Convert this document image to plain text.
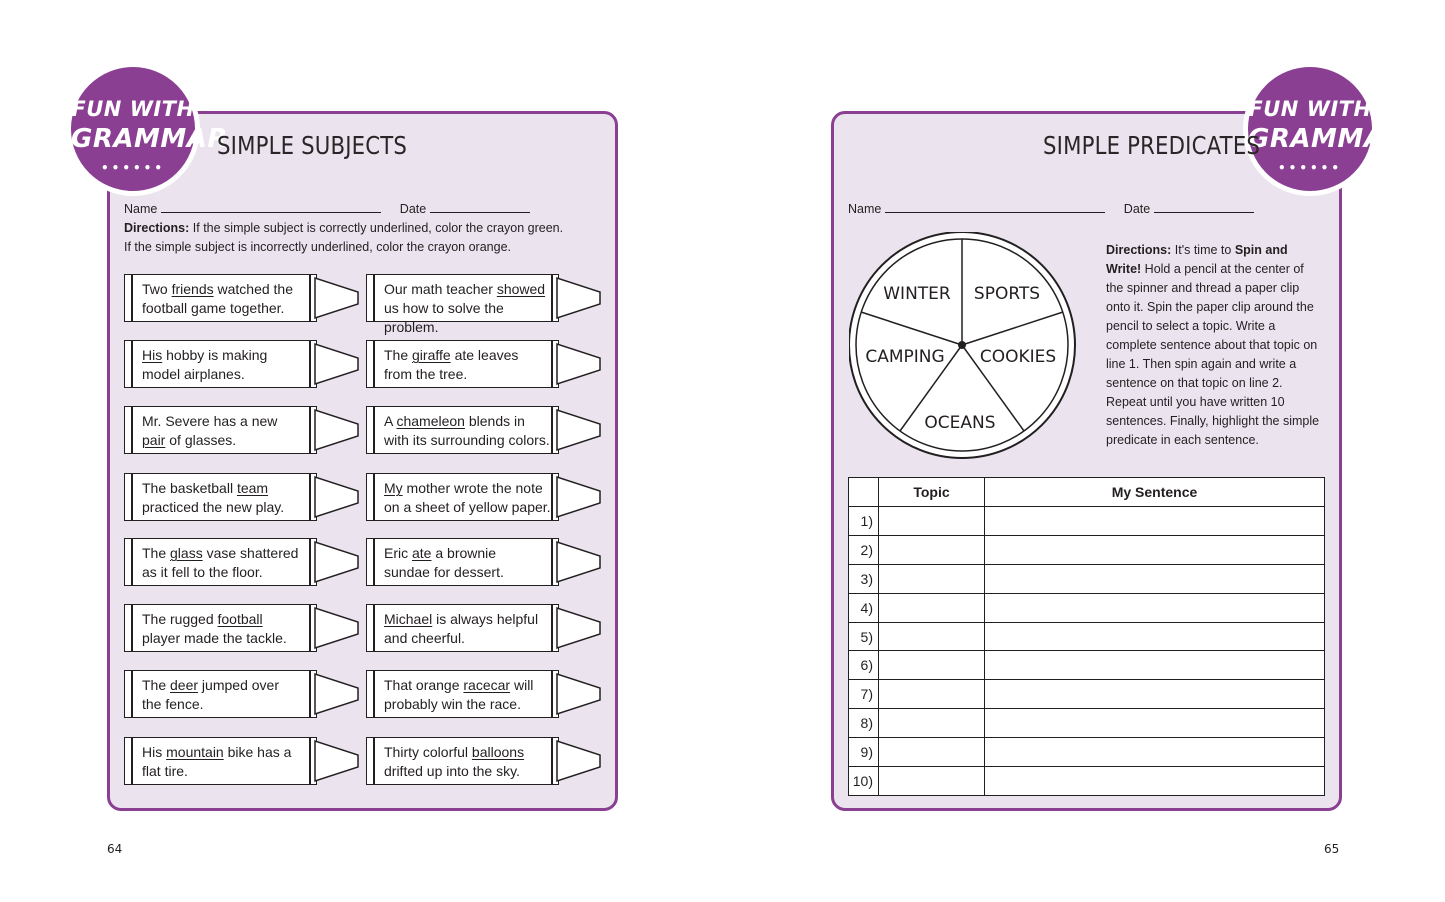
FUN WITH
GRAMMAR
••••••
SIMPLE SUBJECTS
Name	Date
Directions: If the simple subject is correctly underlined, color the crayon green.
If the simple subject is incorrectly underlined, color the crayon orange.
Two friends watched the
football game together.
Our math teacher showed
us how to solve the problem.
His hobby is making
model airplanes.
The giraffe ate leaves
from the tree.
Mr. Severe has a new
pair of glasses.
A chameleon blends in
with its surrounding colors.
The basketball team
practiced the new play.
My mother wrote the note
on a sheet of yellow paper.
The glass vase shattered
as it fell to the floor.
Eric ate a brownie
sundae for dessert.
The rugged football
player made the tackle.
Michael is always helpful
and cheerful.
The deer jumped over
the fence.
That orange racecar will
probably win the race.
His mountain bike has a
flat tire.
Thirty colorful balloons
drifted up into the sky.
64
FUN WITH
GRAMMAR
••••••
SIMPLE PREDICATES
Name	Date
WINTER SPORTS
COOKIES
OCEANS
CAMPING
Directions: It's time to Spin and Write! Hold a pencil at the center of the spinner and thread a paper clip onto it. Spin the paper clip around the pencil to select a topic. Write a complete sentence about that topic on line 1. Then spin again and write a sentence on that topic on line 2. Repeat until you have written 10 sentences. Finally, highlight the simple predicate in each sentence.
	Topic	My Sentence
1)		
2)		
3)		
4)		
5)		
6)		
7)		
8)		
9)		
10)		
65
